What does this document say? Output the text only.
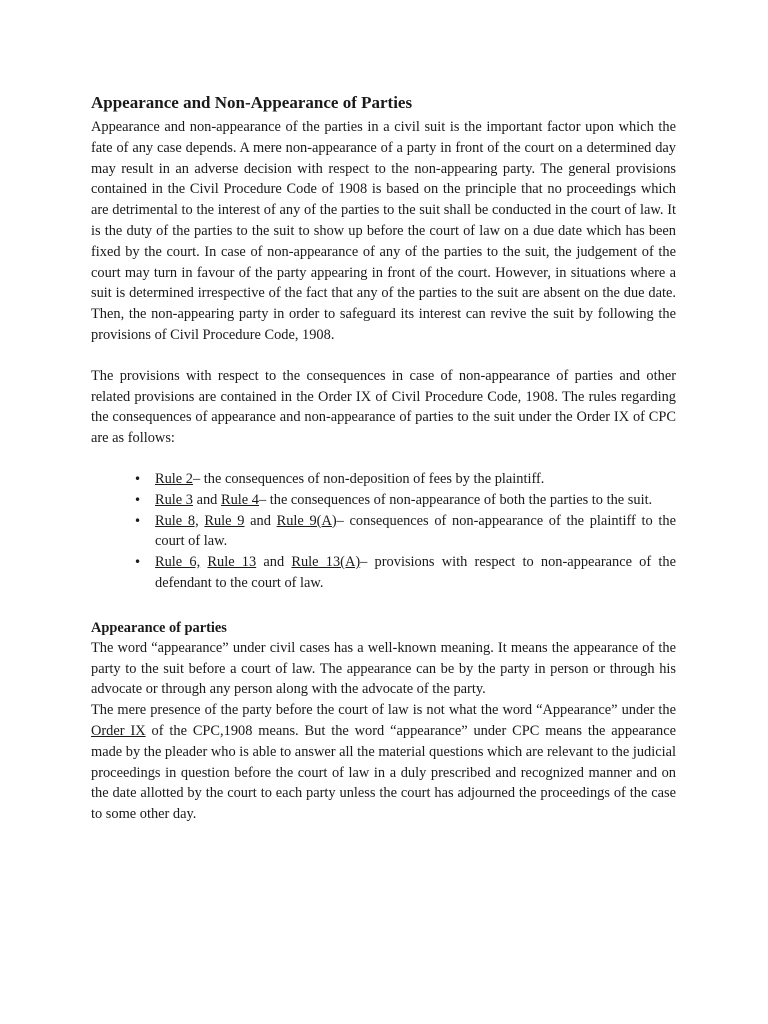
Appearance and Non-Appearance of Parties

Appearance and non-appearance of the parties in a civil suit is the important factor upon which the fate of any case depends. A mere non-appearance of a party in front of the court on a determined day may result in an adverse decision with respect to the non-appearing party. The general provisions contained in the Civil Procedure Code of 1908 is based on the principle that no proceedings which are detrimental to the interest of any of the parties to the suit shall be conducted in the court of law. It is the duty of the parties to the suit to show up before the court of law on a due date which has been fixed by the court. In case of non-appearance of any of the parties to the suit, the judgement of the court may turn in favour of the party appearing in front of the court. However, in situations where a suit is determined irrespective of the fact that any of the parties to the suit are absent on the due date. Then, the non-appearing party in order to safeguard its interest can revive the suit by following the provisions of Civil Procedure Code, 1908.

The provisions with respect to the consequences in case of non-appearance of parties and other related provisions are contained in the Order IX of Civil Procedure Code, 1908. The rules regarding the consequences of appearance and non-appearance of parties to the suit under the Order IX of CPC are as follows:

• Rule 2– the consequences of non-deposition of fees by the plaintiff.
• Rule 3 and Rule 4– the consequences of non-appearance of both the parties to the suit.
• Rule 8, Rule 9 and Rule 9(A)– consequences of non-appearance of the plaintiff to the court of law.
• Rule 6, Rule 13 and Rule 13(A)– provisions with respect to non-appearance of the defendant to the court of law.
Appearance of parties

The word “appearance” under civil cases has a well-known meaning. It means the appearance of the party to the suit before a court of law. The appearance can be by the party in person or through his advocate or through any person along with the advocate of the party.

The mere presence of the party before the court of law is not what the word “Appearance” under the Order IX of the CPC,1908 means. But the word “appearance” under CPC means the appearance made by the pleader who is able to answer all the material questions which are relevant to the judicial proceedings in question before the court of law in a duly prescribed and recognized manner and on the date allotted by the court to each party unless the court has adjourned the proceedings of the case to some other day.
